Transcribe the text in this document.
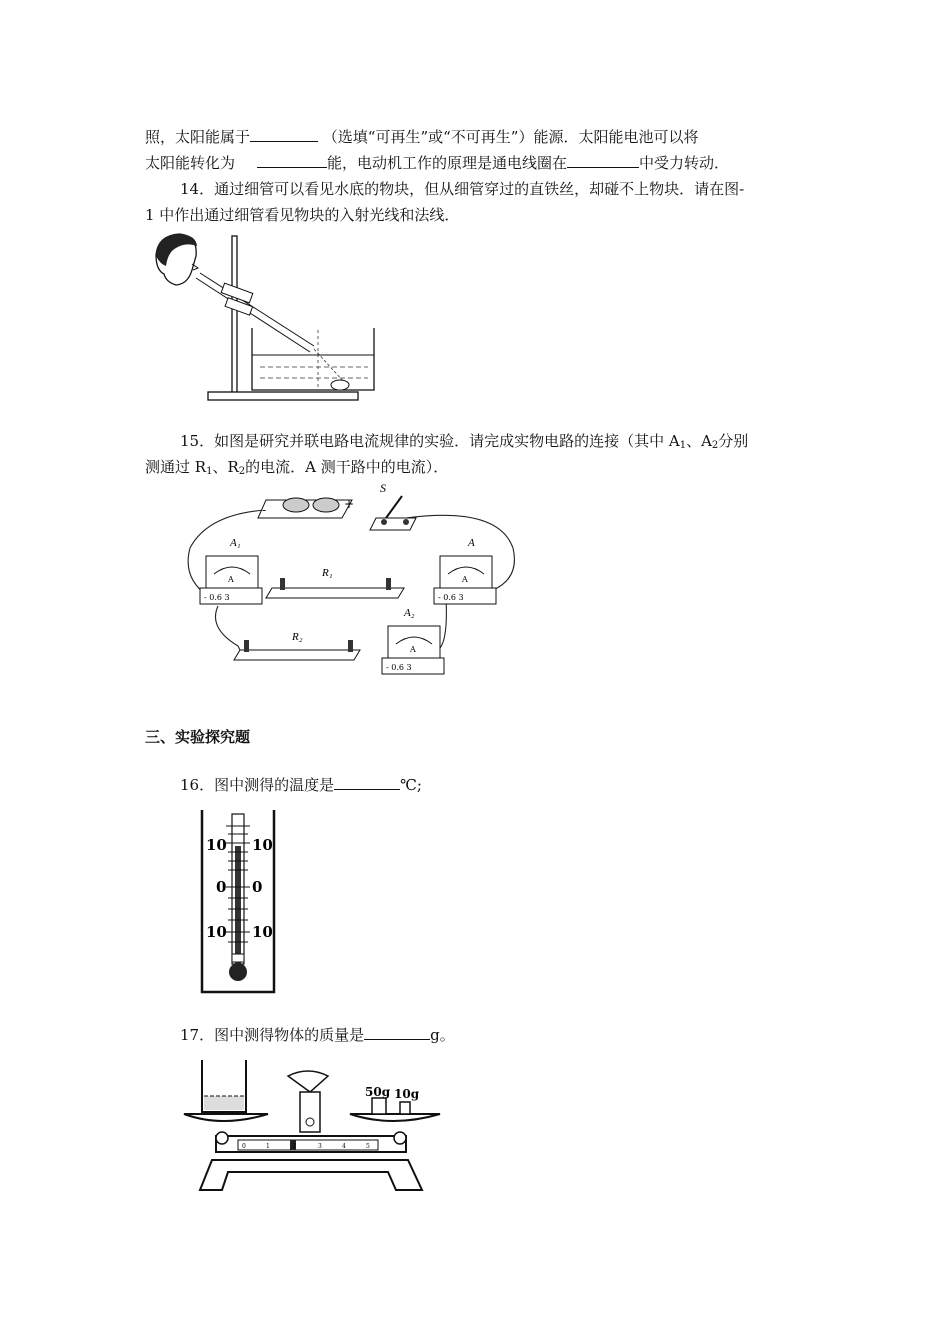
照，太阳能属于	（选填“可再生”或“不可再生”）能源．太阳能电池可以将
太阳能转化为	能，电动机工作的原理是通电线圈在	中受力转动．
14．通过细管可以看见水底的物块，但从细管穿过的直铁丝，却碰不上物块．请在图-
1 中作出通过细管看见物块的入射光线和法线．
15．如图是研究并联电路电流规律的实验．请完成实物电路的连接（其中 $A_1$、$A_2$分别
测通过 $R_1$、$R_2$的电流．A 测干路中的电流）．
-	+
S
A₁
A
- 0.6 3
A
A
- 0.6 3
R₁
R₂
A₂
A
- 0.6 3
三、实验探究题
16．图中测得的温度是	℃;
10 10
0 0
10 10
17．图中测得物体的质量是	g。
50g 10g
0	1	2	3	4	5
